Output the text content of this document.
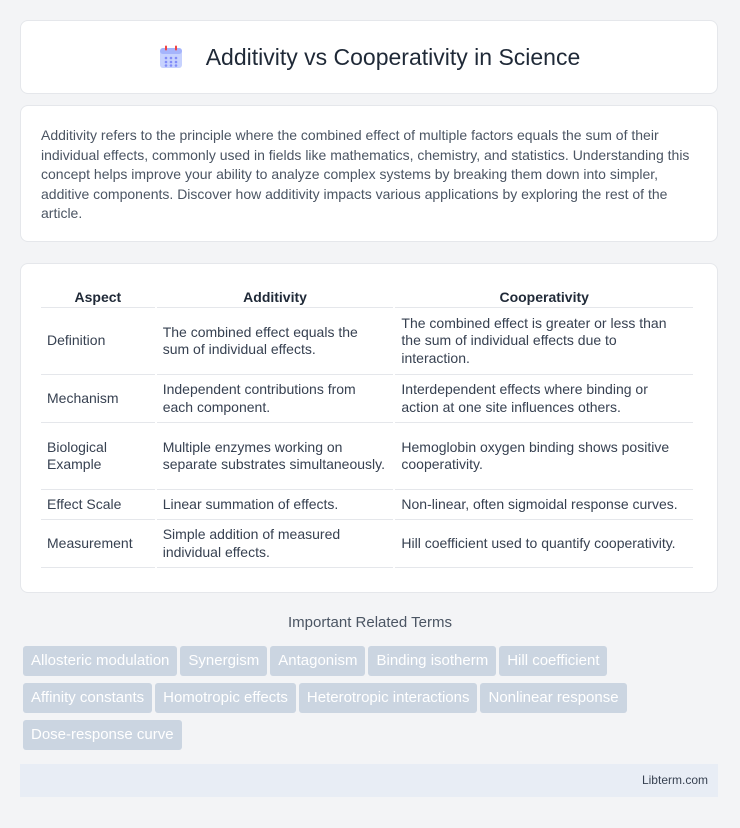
Additivity vs Cooperativity in Science

Additivity refers to the principle where the combined effect of multiple factors equals the sum of their individual effects, commonly used in fields like mathematics, chemistry, and statistics. Understanding this concept helps improve your ability to analyze complex systems by breaking them down into simpler, additive components. Discover how additivity impacts various applications by exploring the rest of the article.

Aspect	Additivity	Cooperativity
Definition	The combined effect equals the sum of individual effects.	The combined effect is greater or less than the sum of individual effects due to interaction.
Mechanism	Independent contributions from each component.	Interdependent effects where binding or action at one site influences others.
Biological Example	Multiple enzymes working on separate substrates simultaneously.	Hemoglobin oxygen binding shows positive cooperativity.
Effect Scale	Linear summation of effects.	Non-linear, often sigmoidal response curves.
Measurement	Simple addition of measured individual effects.	Hill coefficient used to quantify cooperativity.
Important Related Terms
Allosteric modulation Synergism Antagonism Binding isotherm Hill coefficient
Affinity constants Homotropic effects Heterotropic interactions Nonlinear response
Dose-response curve
Libterm.com
